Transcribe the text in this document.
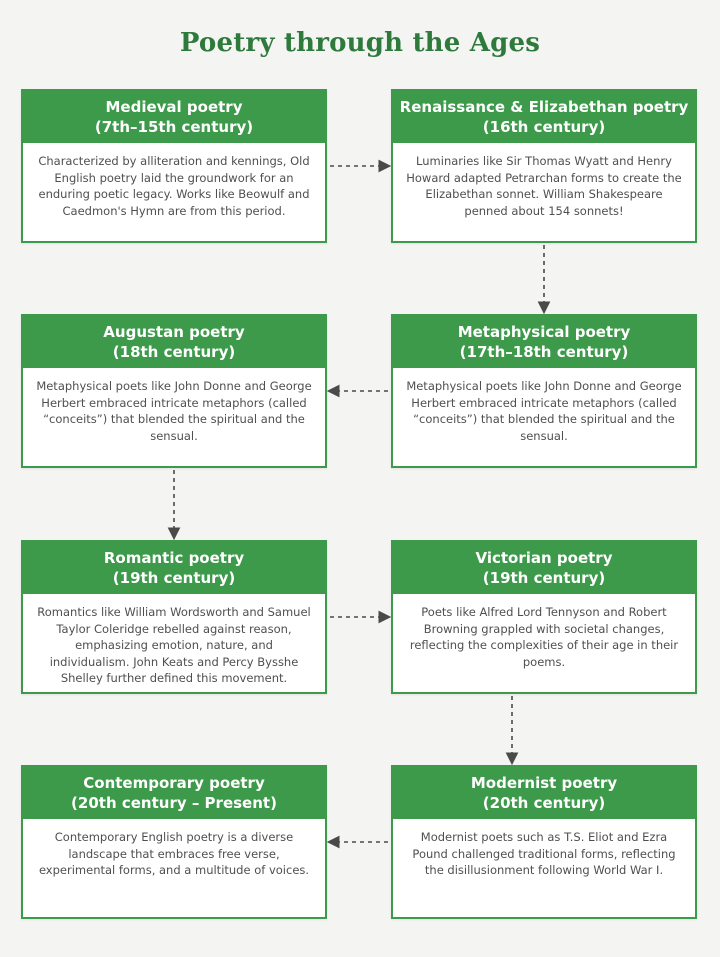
Poetry through the Ages
Medieval poetry
(7th–15th century)
Characterized by alliteration and kennings, Old English poetry laid the groundwork for an enduring poetic legacy. Works like Beowulf and Caedmon's Hymn are from this period.
Renaissance & Elizabethan poetry
(16th century)
Luminaries like Sir Thomas Wyatt and Henry Howard adapted Petrarchan forms to create the Elizabethan sonnet. William Shakespeare penned about 154 sonnets!
Augustan poetry
(18th century)
Metaphysical poets like John Donne and George Herbert embraced intricate metaphors (called “conceits”) that blended the spiritual and the sensual.
Metaphysical poetry
(17th–18th century)
Metaphysical poets like John Donne and George Herbert embraced intricate metaphors (called “conceits”) that blended the spiritual and the sensual.
Romantic poetry
(19th century)
Romantics like William Wordsworth and Samuel Taylor Coleridge rebelled against reason, emphasizing emotion, nature, and individualism. John Keats and Percy Bysshe Shelley further defined this movement.
Victorian poetry
(19th century)
Poets like Alfred Lord Tennyson and Robert Browning grappled with societal changes, reflecting the complexities of their age in their poems.
Contemporary poetry
(20th century – Present)
Contemporary English poetry is a diverse landscape that embraces free verse, experimental forms, and a multitude of voices.
Modernist poetry
(20th century)
Modernist poets such as T.S. Eliot and Ezra Pound challenged traditional forms, reflecting the disillusionment following World War I.
